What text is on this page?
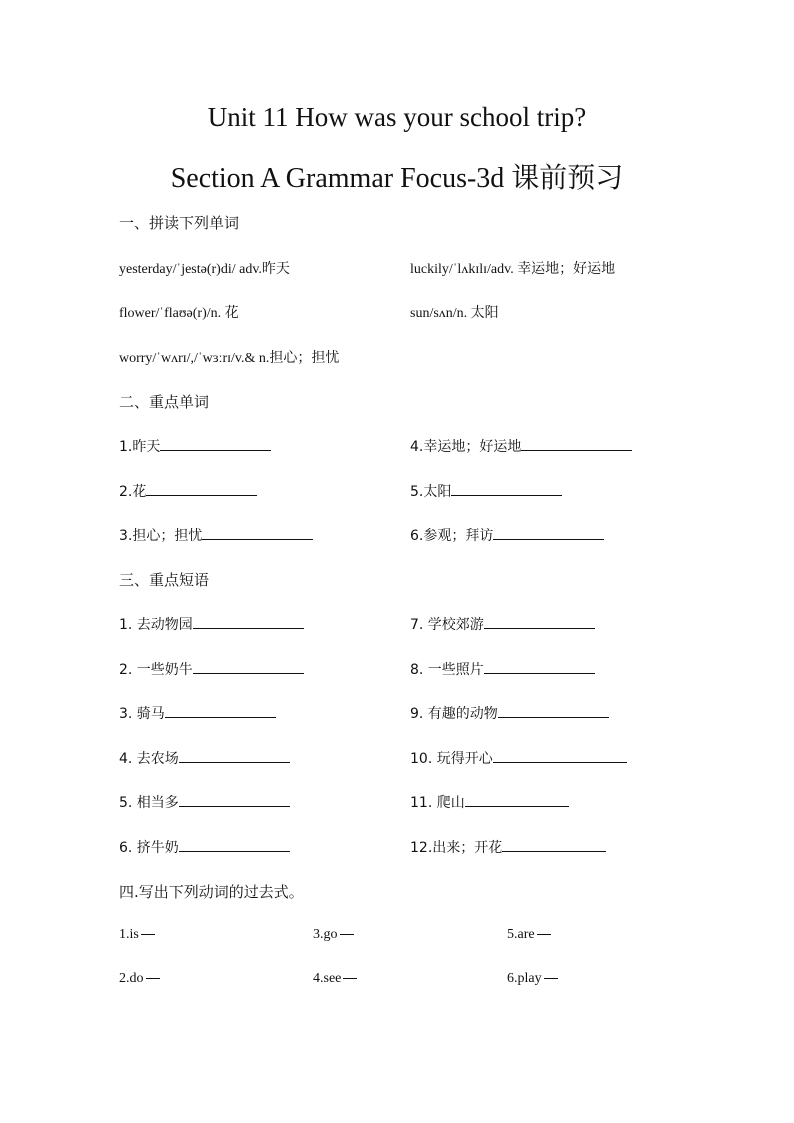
Unit 11 How was your school trip?
Section A Grammar Focus-3d 课前预习
一、拼读下列单词
yesterday/ˈjestə(r)di/ adv.昨天	luckily/ˈlʌkɪlɪ/adv. 幸运地；好运地
flower/ˈflaʊə(r)/n. 花	sun/sʌn/n. 太阳
worry/ˈwʌrɪ/,/ˈwɜːrɪ/v.& n.担心；担忧
二、重点单词
1.昨天	4.幸运地；好运地
2.花	5.太阳
3.担心；担忧	6.参观；拜访
三、重点短语
1. 去动物园	7. 学校郊游
2. 一些奶牛	8. 一些照片
3. 骑马	9. 有趣的动物
4. 去农场	10. 玩得开心
5. 相当多	11. 爬山
6. 挤牛奶	12.出来；开花
四.写出下列动词的过去式。
1.is	3.go	5.are
2.do	4.see	6.play
